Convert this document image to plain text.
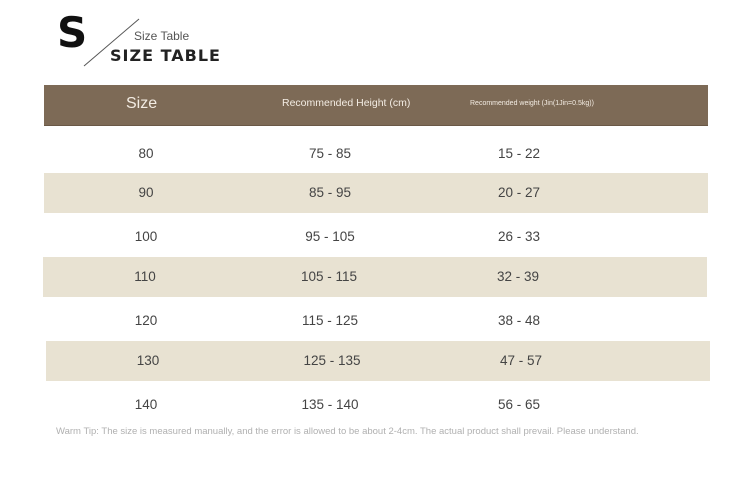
S	Size Table
SIZE TABLE
Size	Recommended Height (cm)	Recommended weight (Jin(1Jin=0.5kg))
80	75 - 85	15 - 22
90	85 - 95	20 - 27
100	95 - 105	26 - 33
110	105 - 115	32 - 39
120	115 - 125	38 - 48
130	125 - 135	47 - 57
140	135 - 140	56 - 65
Warm Tip: The size is measured manually, and the error is allowed to be about 2-4cm. The actual product shall prevail. Please understand.
